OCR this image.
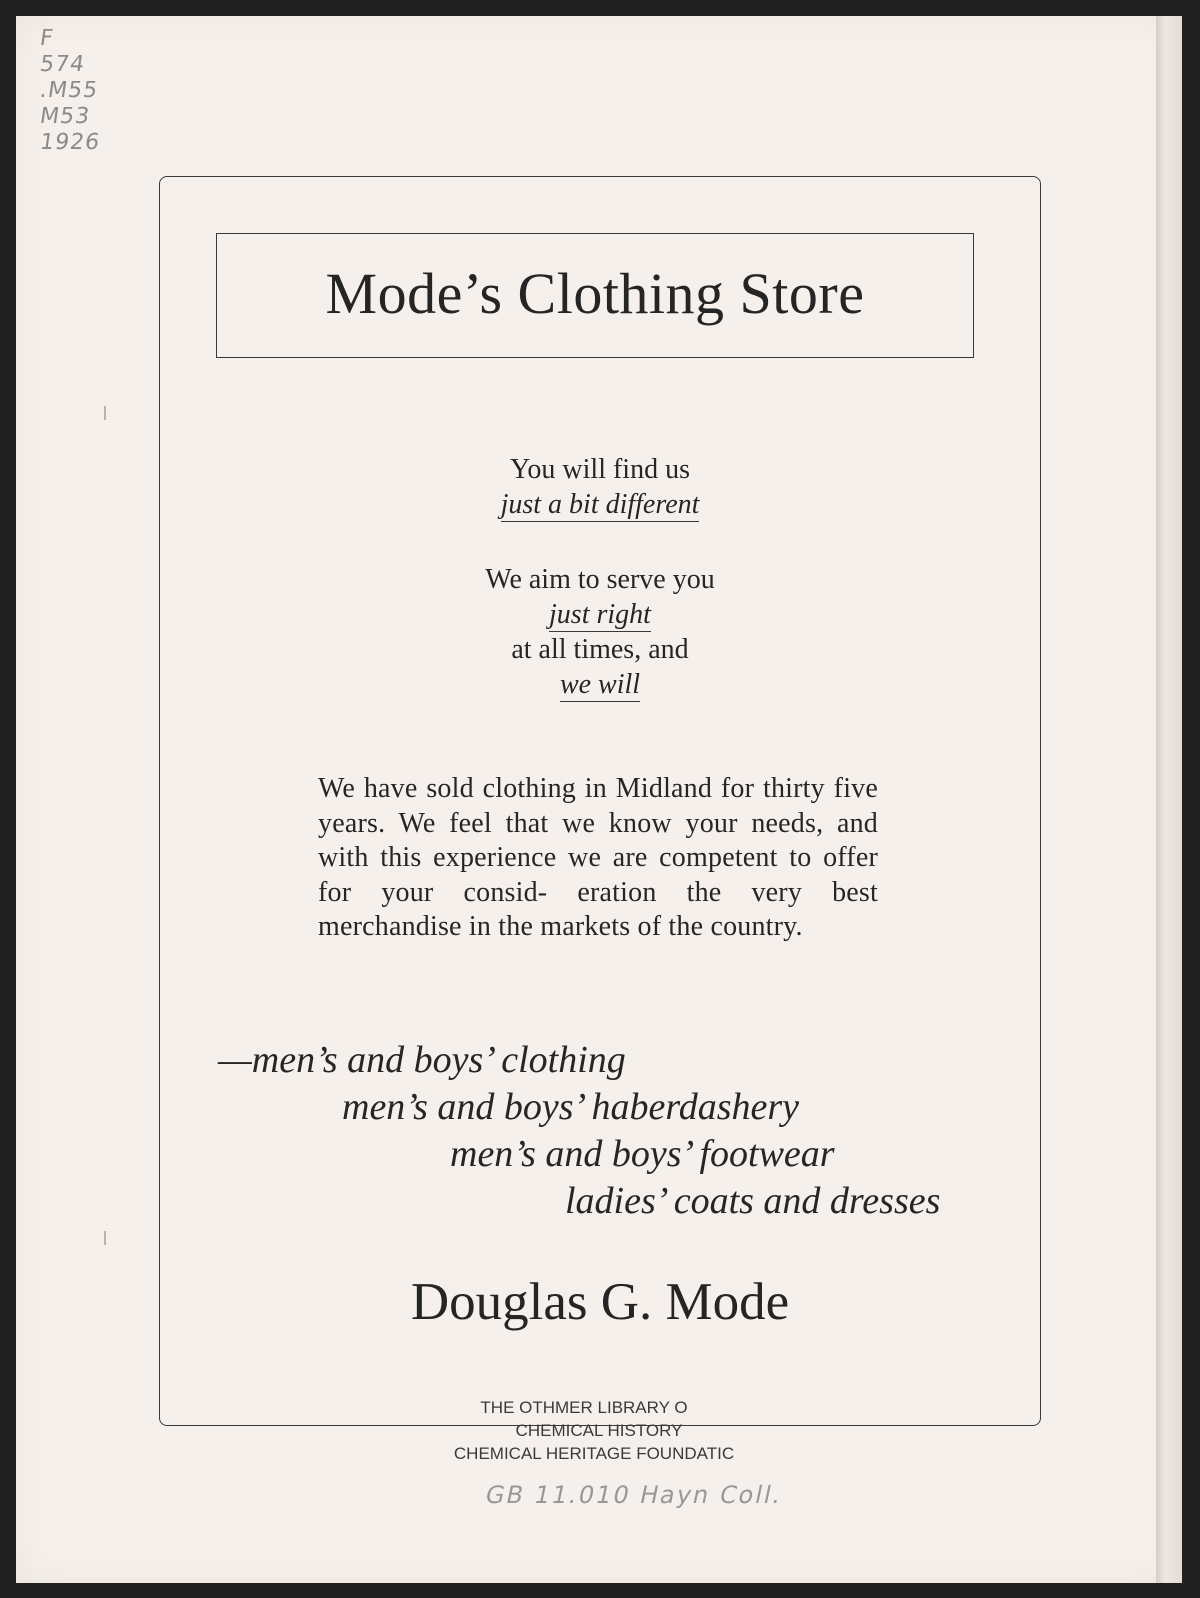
F
574
.M55
M53
1926
Mode’s Clothing Store
You will find us
just a bit different
We aim to serve you
just right
at all times, and
we will
We have sold clothing in Midland for thirty five years. We feel that we know your needs, and with this experience we are competent to offer for your consid- eration the very best merchandise in the markets of the country.
—men’s and boys’ clothing
men’s and boys’ haberdashery
men’s and boys’ footwear
ladies’ coats and dresses
Douglas G. Mode
THE OTHMER LIBRARY O
CHEMICAL HISTORY
CHEMICAL HERITAGE FOUNDATIC
GB 11.010 Hayn Coll.
